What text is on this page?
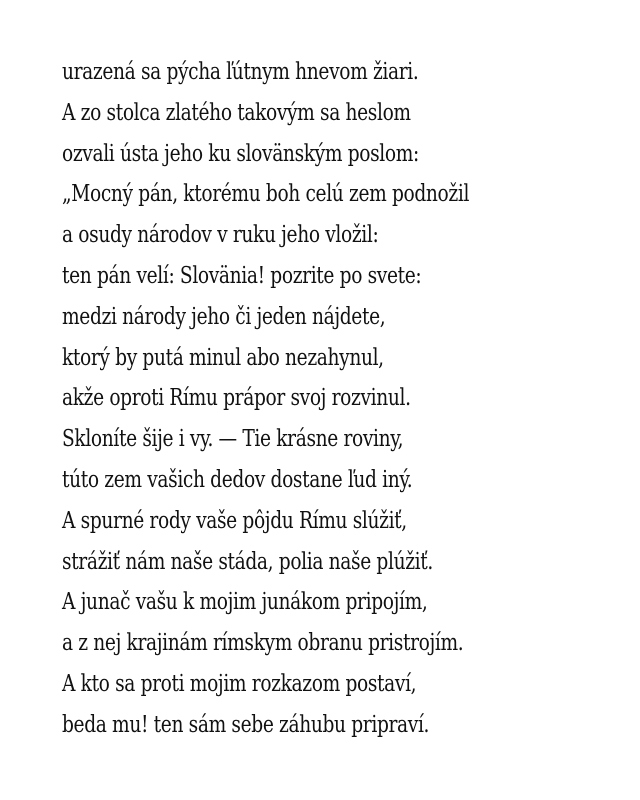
urazená sa pýcha ľútnym hnevom žiari.
A zo stolca zlatého takovým sa heslom
ozvali ústa jeho ku slovänským poslom:
„Mocný pán, ktorému boh celú zem podnožil
a osudy národov v ruku jeho vložil:
ten pán velí: Slovänia! pozrite po svete:
medzi národy jeho či jeden nájdete,
ktorý by putá minul abo nezahynul,
akže oproti Rímu prápor svoj rozvinul.
Skloníte šije i vy. — Tie krásne roviny,
túto zem vašich dedov dostane ľud iný.
A spurné rody vaše pôjdu Rímu slúžiť,
strážiť nám naše stáda, polia naše plúžiť.
A junač vašu k mojim junákom pripojím,
a z nej krajinám rímskym obranu pristrojím.
A kto sa proti mojim rozkazom postaví,
beda mu! ten sám sebe záhubu pripraví.
